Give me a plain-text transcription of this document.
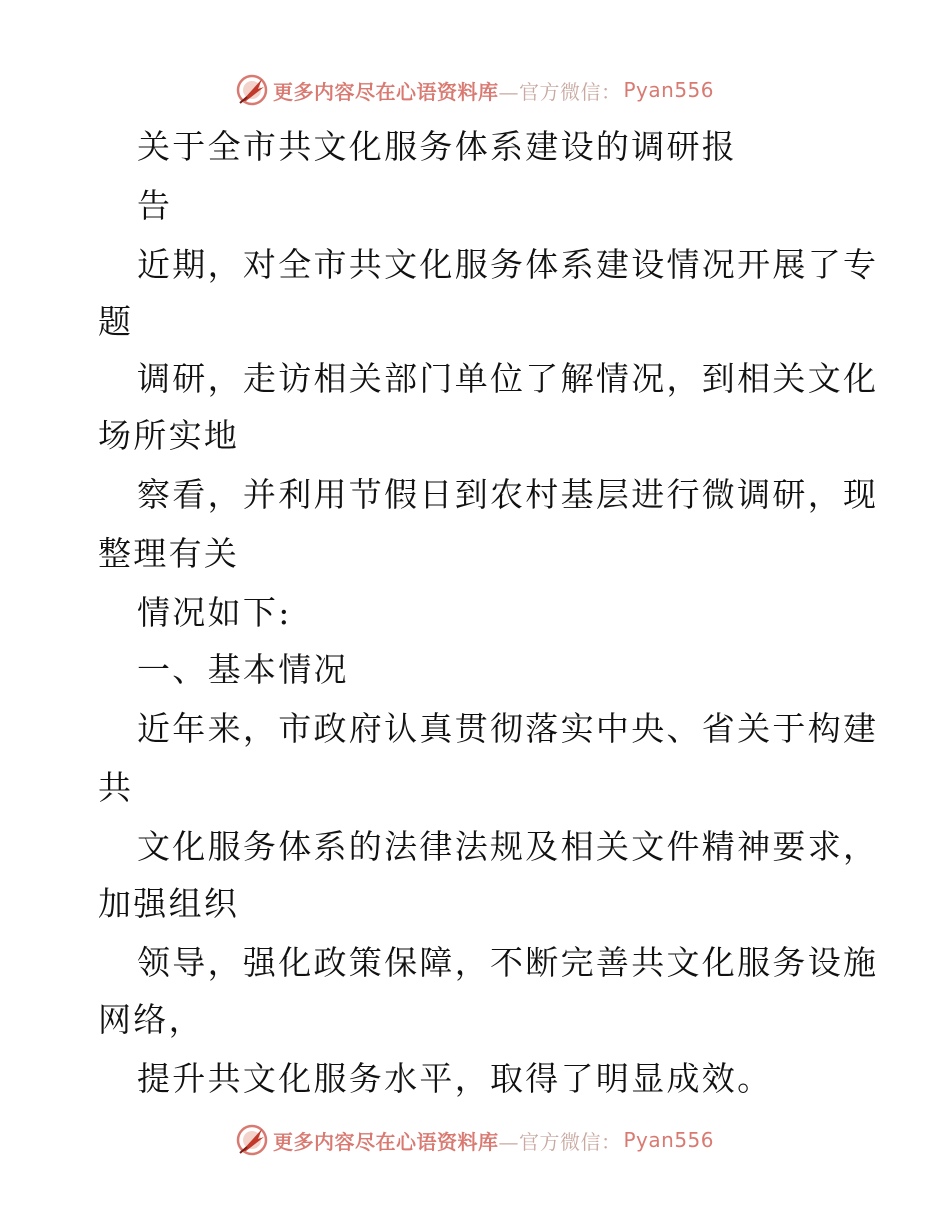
更多内容尽在心语资料库 —官方微信： Pyan556

关于全市共文化服务体系建设的调研报

告

近期，对全市共文化服务体系建设情况开展了专

题

调研，走访相关部门单位了解情况，到相关文化

场所实地

察看，并利用节假日到农村基层进行微调研，现

整理有关

情况如下:

一、基本情况

近年来，市政府认真贯彻落实中央、省关于构建

共

文化服务体系的法律法规及相关文件精神要求，

加强组织

领导，强化政策保障，不断完善共文化服务设施

网络，

提升共文化服务水平，取得了明显成效。

更多内容尽在心语资料库 —官方微信： Pyan556
